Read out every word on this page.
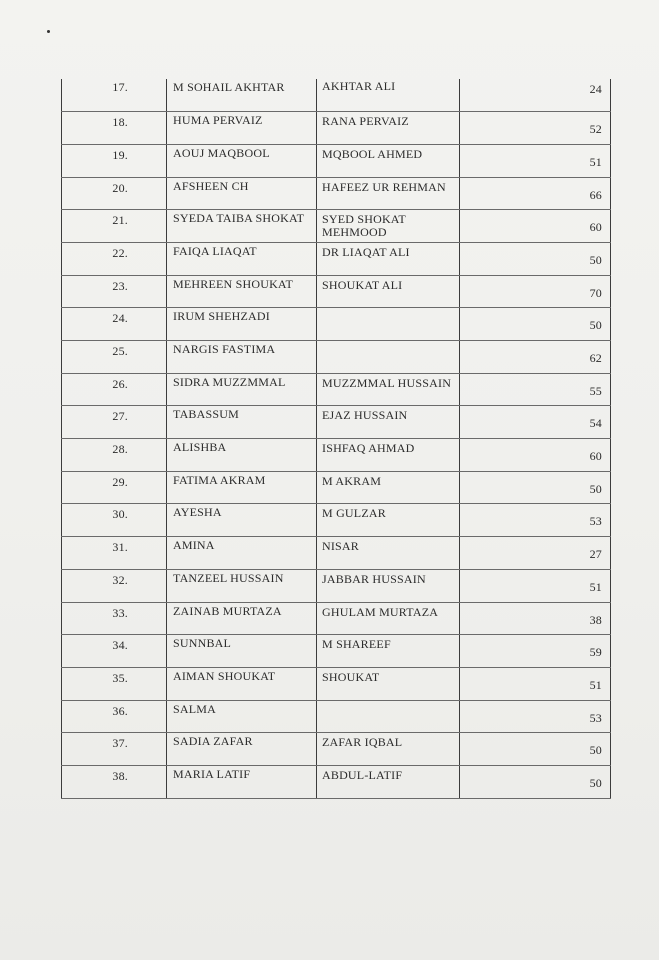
17.	M SOHAIL AKHTAR	AKHTAR ALI	24
18.	HUMA PERVAIZ	RANA PERVAIZ	52
19.	AOUJ MAQBOOL	MQBOOL AHMED	51
20.	AFSHEEN CH	HAFEEZ UR REHMAN	66
21.	SYEDA TAIBA SHOKAT	SYED SHOKAT MEHMOOD	60
22.	FAIQA LIAQAT	DR LIAQAT ALI	50
23.	MEHREEN SHOUKAT	SHOUKAT ALI	70
24.	IRUM SHEHZADI		50
25.	NARGIS FASTIMA		62
26.	SIDRA MUZZMMAL	MUZZMMAL HUSSAIN	55
27.	TABASSUM	EJAZ HUSSAIN	54
28.	ALISHBA	ISHFAQ AHMAD	60
29.	FATIMA AKRAM	M AKRAM	50
30.	AYESHA	M GULZAR	53
31.	AMINA	NISAR	27
32.	TANZEEL HUSSAIN	JABBAR HUSSAIN	51
33.	ZAINAB MURTAZA	GHULAM MURTAZA	38
34.	SUNNBAL	M SHAREEF	59
35.	AIMAN SHOUKAT	SHOUKAT	51
36.	SALMA		53
37.	SADIA ZAFAR	ZAFAR IQBAL	50
38.	MARIA LATIF	ABDUL-LATIF	50
